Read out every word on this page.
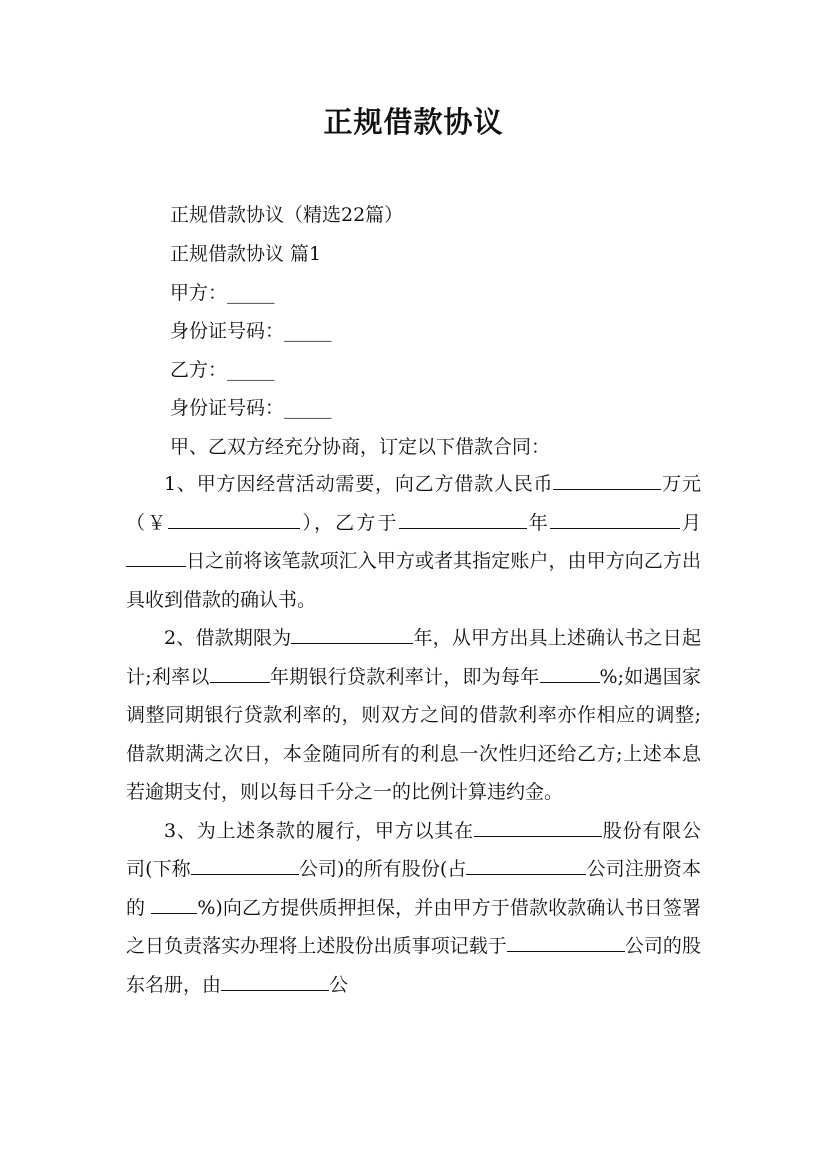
正规借款协议
正规借款协议（精选22篇）
正规借款协议 篇1
甲方：_____
身份证号码：_____
乙方：_____
身份证号码：_____
甲、乙双方经充分协商，订定以下借款合同：

1、甲方因经营活动需要，向乙方借款人民币	万元（￥	），乙方于	年	月日之前将该笔款项汇入甲方或者其指定账户，由甲方向乙方出具收到借款的确认书。

2、借款期限为	年，从甲方出具上述确认书之日起计;利率以	年期银行贷款利率计，即为每年	%;如遇国家调整同期银行贷款利率的，则双方之间的借款利率亦作相应的调整;借款期满之次日，本金随同所有的利息一次性归还给乙方;上述本息若逾期支付，则以每日千分之一的比例计算违约金。

3、为上述条款的履行，甲方以其在	股份有限公司(下称	公司)的所有股份(占	公司注册资本的 %)向乙方提供质押担保，并由甲方于借款收款确认书日签署之日负责落实办理将上述股份出质事项记载于	公司的股东名册，由	公
